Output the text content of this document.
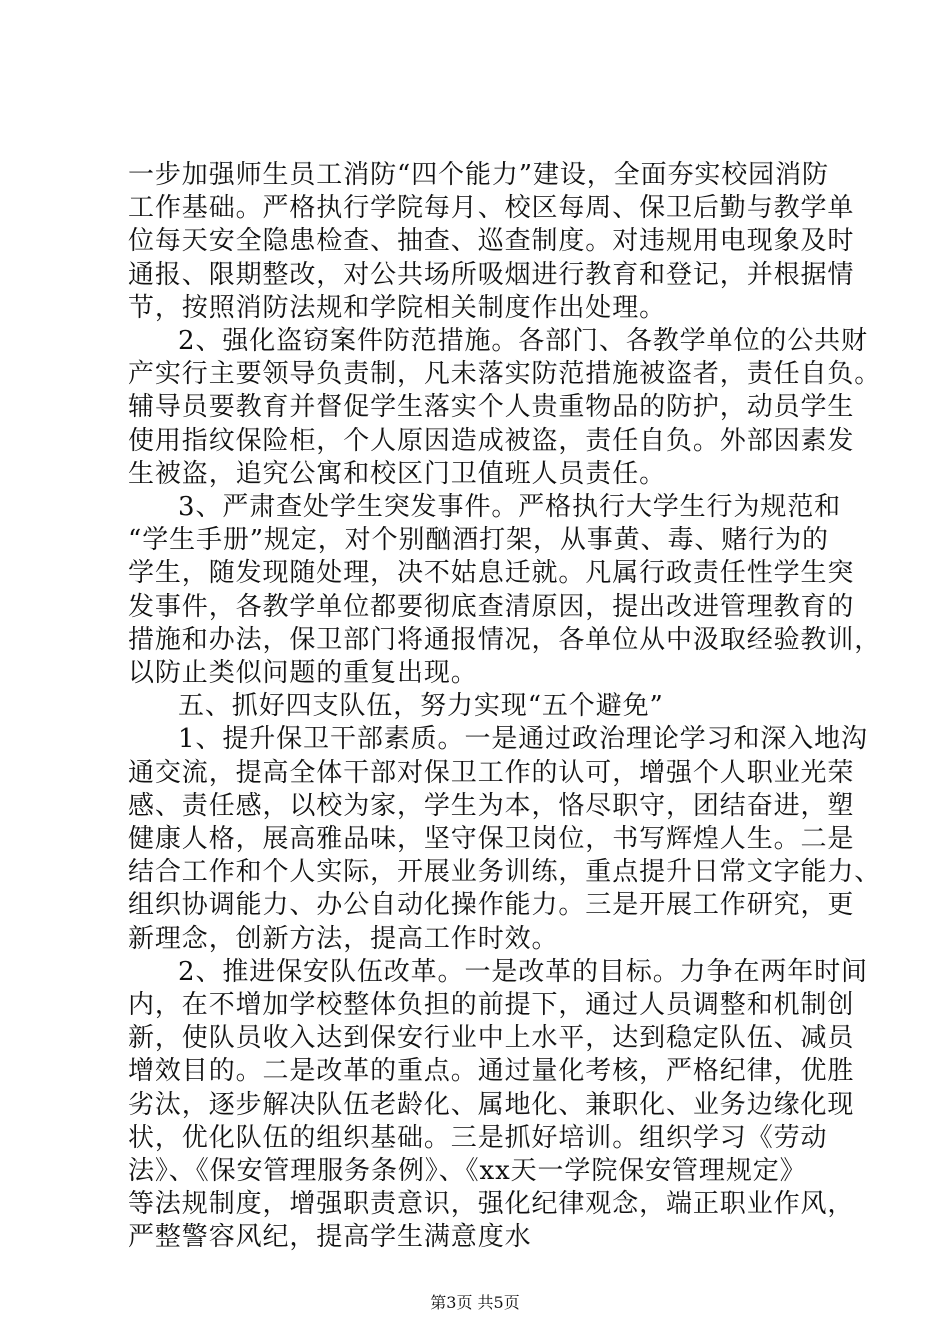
一步加强师生员工消防“四个能力”建设，全面夯实校园消防
工作基础。严格执行学院每月、校区每周、保卫后勤与教学单
位每天安全隐患检查、抽查、巡查制度。对违规用电现象及时
通报、限期整改，对公共场所吸烟进行教育和登记，并根据情
节，按照消防法规和学院相关制度作出处理。
2、强化盗窃案件防范措施。各部门、各教学单位的公共财
产实行主要领导负责制，凡未落实防范措施被盗者，责任自负。
辅导员要教育并督促学生落实个人贵重物品的防护，动员学生
使用指纹保险柜，个人原因造成被盗，责任自负。外部因素发
生被盗，追究公寓和校区门卫值班人员责任。
3、严肃查处学生突发事件。严格执行大学生行为规范和
“学生手册”规定，对个别酗酒打架，从事黄、毒、赌行为的
学生，随发现随处理，决不姑息迁就。凡属行政责任性学生突
发事件，各教学单位都要彻底查清原因，提出改进管理教育的
措施和办法，保卫部门将通报情况，各单位从中汲取经验教训，
以防止类似问题的重复出现。
五、抓好四支队伍，努力实现“五个避免”
1、提升保卫干部素质。一是通过政治理论学习和深入地沟
通交流，提高全体干部对保卫工作的认可，增强个人职业光荣
感、责任感，以校为家，学生为本，恪尽职守，团结奋进，塑
健康人格，展高雅品味，坚守保卫岗位，书写辉煌人生。二是
结合工作和个人实际，开展业务训练，重点提升日常文字能力、
组织协调能力、办公自动化操作能力。三是开展工作研究，更
新理念，创新方法，提高工作时效。
2、推进保安队伍改革。一是改革的目标。力争在两年时间
内，在不增加学校整体负担的前提下，通过人员调整和机制创
新，使队员收入达到保安行业中上水平，达到稳定队伍、减员
增效目的。二是改革的重点。通过量化考核，严格纪律，优胜
劣汰，逐步解决队伍老龄化、属地化、兼职化、业务边缘化现
状，优化队伍的组织基础。三是抓好培训。组织学习《劳动
法》、《保安管理服务条例》、《xx天一学院保安管理规定》
等法规制度，增强职责意识，强化纪律观念，端正职业作风，
严整警容风纪，提高学生满意度水
第3页 共5页
